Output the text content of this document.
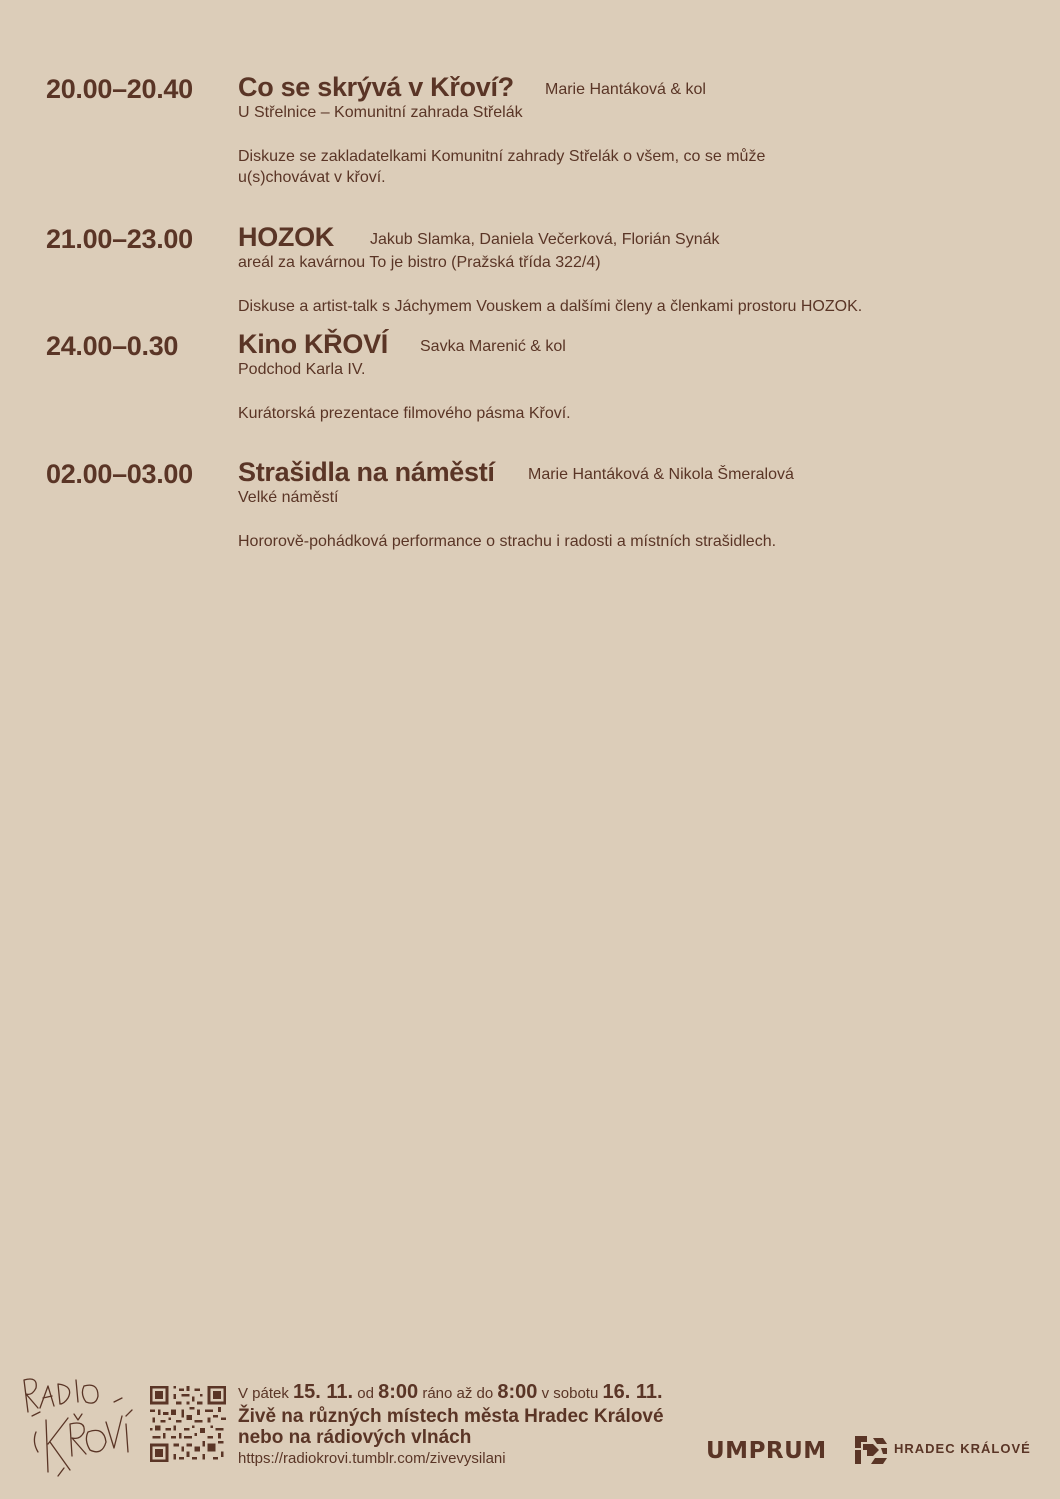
20.00–20.40 Co se skrývá v Křoví? Marie Hantáková & kol
U Střelnice – Komunitní zahrada Střelák
Diskuze se zakladatelkami Komunitní zahrady Střelák o všem, co se může u(s)chovávat v křoví.
21.00–23.00 HOZOK Jakub Slamka, Daniela Večerková, Florián Synák
areál za kavárnou To je bistro (Pražská třída 322/4)
Diskuse a artist-talk s Jáchymem Vouskem a dalšími členy a členkami prostoru HOZOK.
24.00–0.30 Kino KŘOVÍ Savka Marenić & kol
Podchod Karla IV.
Kurátorská prezentace filmového pásma Křoví.
02.00–03.00 Strašidla na náměstí Marie Hantáková & Nikola Šmeralová
Velké náměstí
Hororově-pohádková performance o strachu i radosti a místních strašidlech.
V pátek 15. 11. od 8:00 ráno až do 8:00 v sobotu 16. 11.
Živě na různých místech města Hradec Králové
nebo na rádiových vlnách
https://radiokrovi.tumblr.com/zivevysilani	UMPRUM	HRADEC KRÁLOVÉ
